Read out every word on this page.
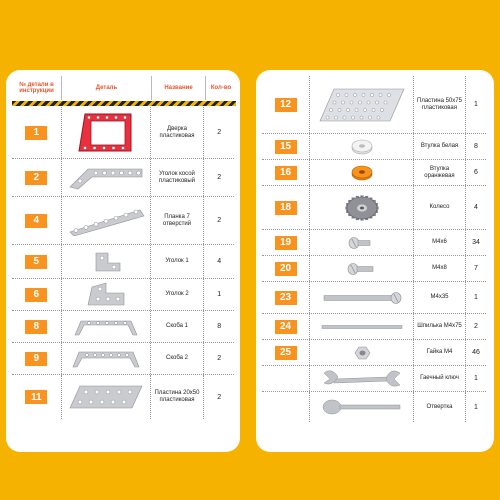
№ детали в инструкции
Деталь	Название	Кол-во
1	Дверка пластиковая	2
2	Уголок косой пластиковый	2
4	Планка 7 отверстий	2
5	Уголок 1	4
6	Уголок 2	1
8	Скоба 1	8
9	Скоба 2	2
11	Пластина 20x50 пластиковая	2
12	Пластина 50x75 пластиковая	1
15	Втулка белая	8
16	Втулка оранжевая	6
18	Колесо	4
19	М4х6	34
20	М4х8	7
23	М4х35	1
24	Шпилька М4х75	2
25	Гайка М4	46
Гаечный ключ	1
Отвертка	1
